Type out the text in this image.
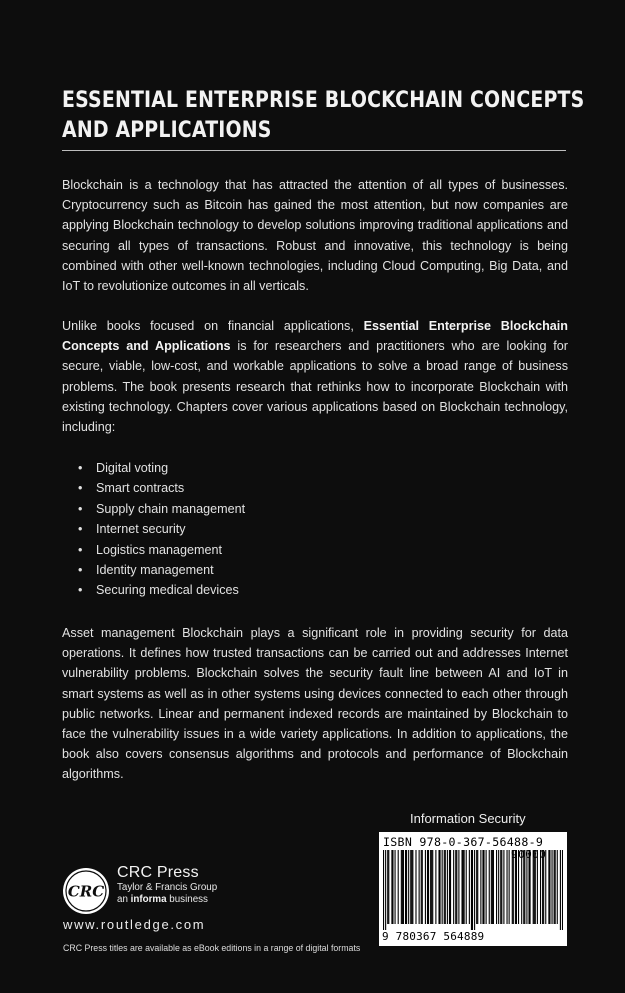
ESSENTIAL ENTERPRISE BLOCKCHAIN CONCEPTS
AND APPLICATIONS

Blockchain is a technology that has attracted the attention of all types of businesses. Cryptocurrency such as Bitcoin has gained the most attention, but now companies are applying Blockchain technology to develop solutions improving traditional applications and securing all types of transactions. Robust and innovative, this technology is being combined with other well-known technologies, including Cloud Computing, Big Data, and IoT to revolutionize outcomes in all verticals.

Unlike books focused on financial applications, Essential Enterprise Blockchain Concepts and Applications is for researchers and practitioners who are looking for secure, viable, low-cost, and workable applications to solve a broad range of business problems. The book presents research that rethinks how to incorporate Blockchain with existing technology. Chapters cover various applications based on Blockchain technology, including:

• Digital voting
• Smart contracts
• Supply chain management
• Internet security
• Logistics management
• Identity management
• Securing medical devices

Asset management Blockchain plays a significant role in providing security for data operations. It defines how trusted transactions can be carried out and addresses Internet vulnerability problems. Blockchain solves the security fault line between AI and IoT in smart systems as well as in other systems using devices connected to each other through public networks. Linear and permanent indexed records are maintained by Blockchain to face the vulnerability issues in a wide variety applications. In addition to applications, the book also covers consensus algorithms and protocols and performance of Blockchain algorithms.

Information Security
ISBN 978-0-367-56488-9
9 780367 564889
CRC
CRC Press
Taylor & Francis Group
an informa business
www.routledge.com
CRC Press titles are available as eBook editions in a range of digital formats
